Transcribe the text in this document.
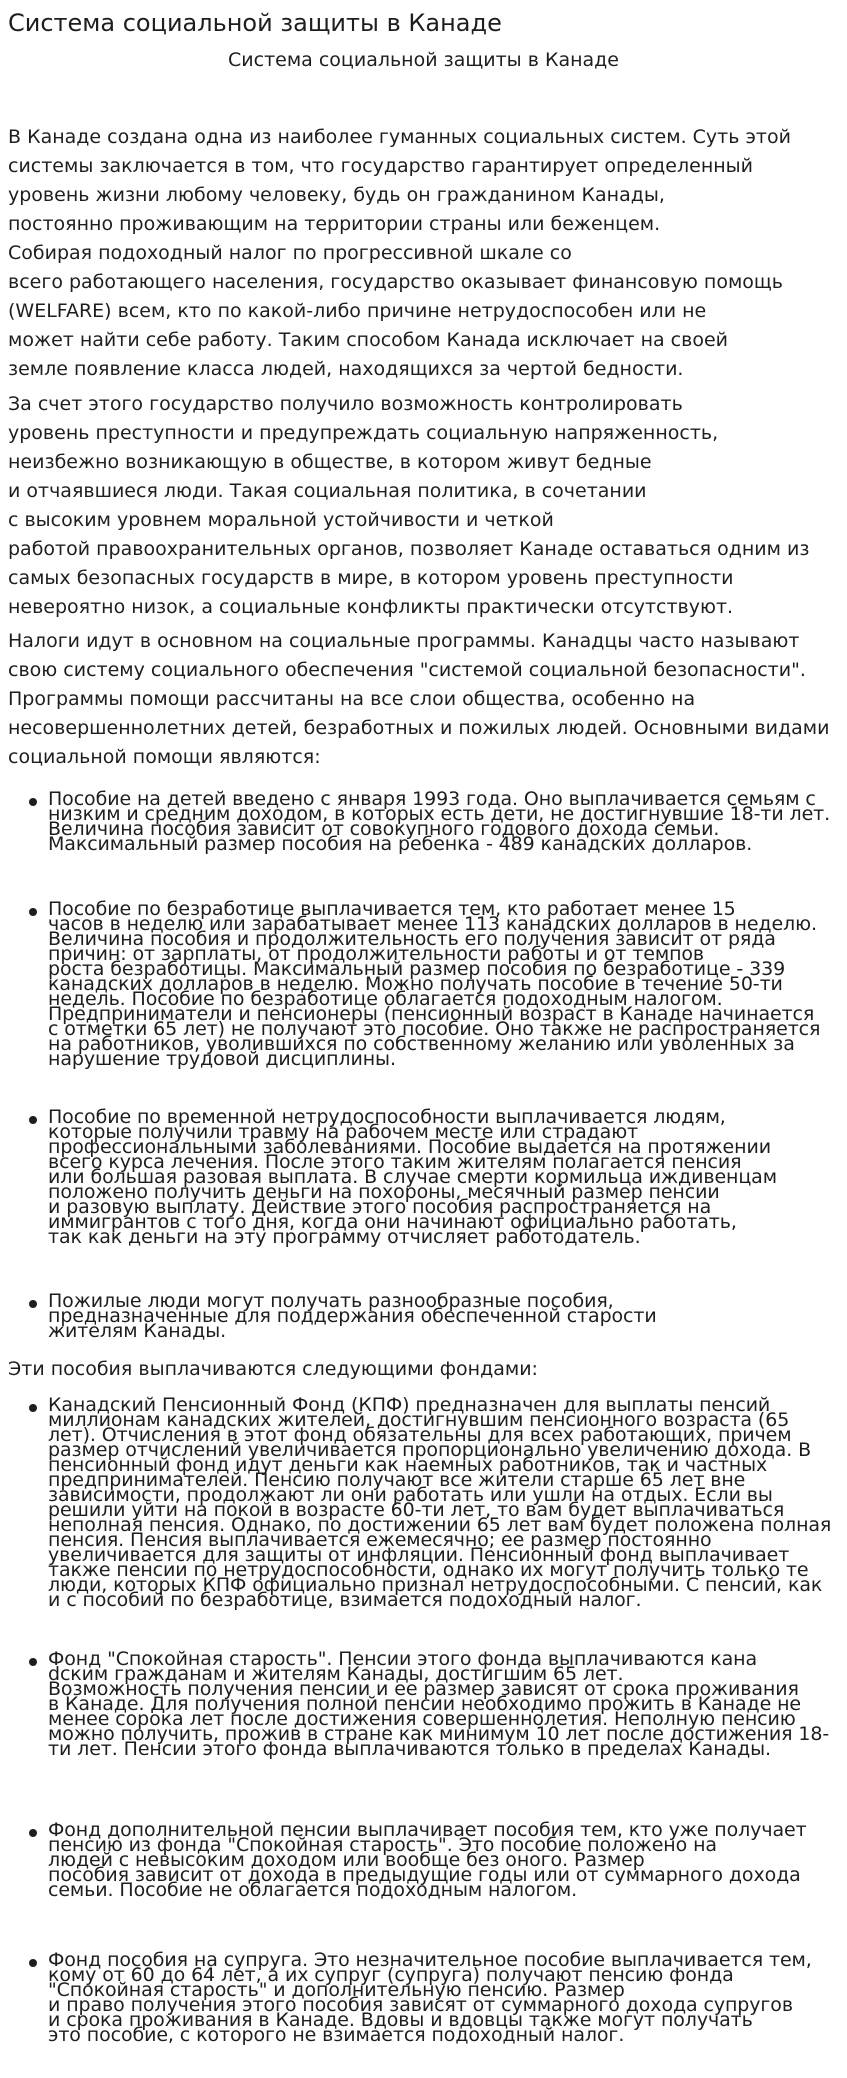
Система социальной защиты в Канаде

Система социальной защиты в Канаде

В Канаде создана одна из наиболее гуманных социальных систем. Суть этой
системы заключается в том, что государство гарантирует определенный
уровень жизни любому человеку, будь он гражданином Канады,
постоянно проживающим на территории страны или беженцем.
Собирая подоходный налог по прогрессивной шкале со
всего работающего населения, государство оказывает финансовую помощь
(WELFARE) всем, кто по какой-либо причине нетрудоспособен или не
может найти себе работу. Таким способом Канада исключает на своей
земле появление класса людей, находящихся за чертой бедности.

За счет этого государство получило возможность контролировать
уровень преступности и предупреждать социальную напряженность,
неизбежно возникающую в обществе, в котором живут бедные
и отчаявшиеся люди. Такая социальная политика, в сочетании
с высоким уровнем моральной устойчивости и четкой
работой правоохранительных органов, позволяет Канаде оставаться одним из
самых безопасных государств в мире, в котором уровень преступности
невероятно низок, а социальные конфликты практически отсутствуют.

Налоги идут в основном на социальные программы. Канадцы часто называют
свою систему социального обеспечения "системой социальной безопасности".
Программы помощи рассчитаны на все слои общества, особенно на
несовершеннолетних детей, безработных и пожилых людей. Основными видами
социальной помощи являются:

Пособие на детей введено с января 1993 года. Оно выплачивается семьям с
низким и средним доходом, в которых есть дети, не достигнувшие 18-ти лет.
Величина пособия зависит от совокупного годового дохода семьи.
Максимальный размер пособия на ребенка - 489 канадских долларов.

Пособие по безработице выплачивается тем, кто работает менее 15
часов в неделю или зарабатывает менее 113 канадских долларов в неделю.
Величина пособия и продолжительность его получения зависит от ряда
причин: от зарплаты, от продолжительности работы и от темпов
роста безработицы. Максимальный размер пособия по безработице - 339
канадских долларов в неделю. Можно получать пособие в течение 50-ти
недель. Пособие по безработице облагается подоходным налогом.
Предприниматели и пенсионеры (пенсионный возраст в Канаде начинается
с отметки 65 лет) не получают это пособие. Оно также не распространяется
на работников, уволившихся по собственному желанию или уволенных за
нарушение трудовой дисциплины.

Пособие по временной нетрудоспособности выплачивается людям,
которые получили травму на рабочем месте или страдают
профессиональными заболеваниями. Пособие выдается на протяжении
всего курса лечения. После этого таким жителям полагается пенсия
или большая разовая выплата. В случае смерти кормильца иждивенцам
положено получить деньги на похороны, месячный размер пенсии
и разовую выплату. Действие этого пособия распространяется на
иммигрантов с того дня, когда они начинают официально работать,
так как деньги на эту программу отчисляет работодатель.

Пожилые люди могут получать разнообразные пособия,
предназначенные для поддержания обеспеченной старости
жителям Канады.

Эти пособия выплачиваются следующими фондами:

Канадский Пенсионный Фонд (КПФ) предназначен для выплаты пенсий
миллионам канадских жителей, достигнувшим пенсионного возраста (65
лет). Отчисления в этот фонд обязательны для всех работающих, причем
размер отчислений увеличивается пропорционально увеличению дохода. В
пенсионный фонд идут деньги как наемных работников, так и частных
предпринимателей. Пенсию получают все жители старше 65 лет вне
зависимости, продолжают ли они работать или ушли на отдых. Если вы
решили уйти на покой в возрасте 60-ти лет, то вам будет выплачиваться
неполная пенсия. Однако, по достижении 65 лет вам будет положена полная
пенсия. Пенсия выплачивается ежемесячно; ее размер постоянно
увеличивается для защиты от инфляции. Пенсионный фонд выплачивает
также пенсии по нетрудоспособности, однако их могут получить только те
люди, которых КПФ официально признал нетрудоспособными. С пенсий, как
и с пособий по безработице, взимается подоходный налог.

Фонд "Спокойная старость". Пенсии этого фонда выплачиваются кана
dским гражданам и жителям Канады, достигшим 65 лет.
Возможность получения пенсии и ее размер зависят от срока проживания
в Канаде. Для получения полной пенсии необходимо прожить в Канаде не
менее сорока лет после достижения совершеннолетия. Неполную пенсию
можно получить, прожив в стране как минимум 10 лет после достижения 18-
ти лет. Пенсии этого фонда выплачиваются только в пределах Канады.

Фонд дополнительной пенсии выплачивает пособия тем, кто уже получает
пенсию из фонда "Спокойная старость". Это пособие положено на
людей с невысоким доходом или вообще без оного. Размер
пособия зависит от дохода в предыдущие годы или от суммарного дохода
семьи. Пособие не облагается подоходным налогом.

Фонд пособия на супруга. Это незначительное пособие выплачивается тем,
кому от 60 до 64 лет, а их супруг (супруга) получают пенсию фонда
"Спокойная старость" и дополнительную пенсию. Размер
и право получения этого пособия зависят от суммарного дохода супругов
и срока проживания в Канаде. Вдовы и вдовцы также могут получать
это пособие, с которого не взимается подоходный налог.
